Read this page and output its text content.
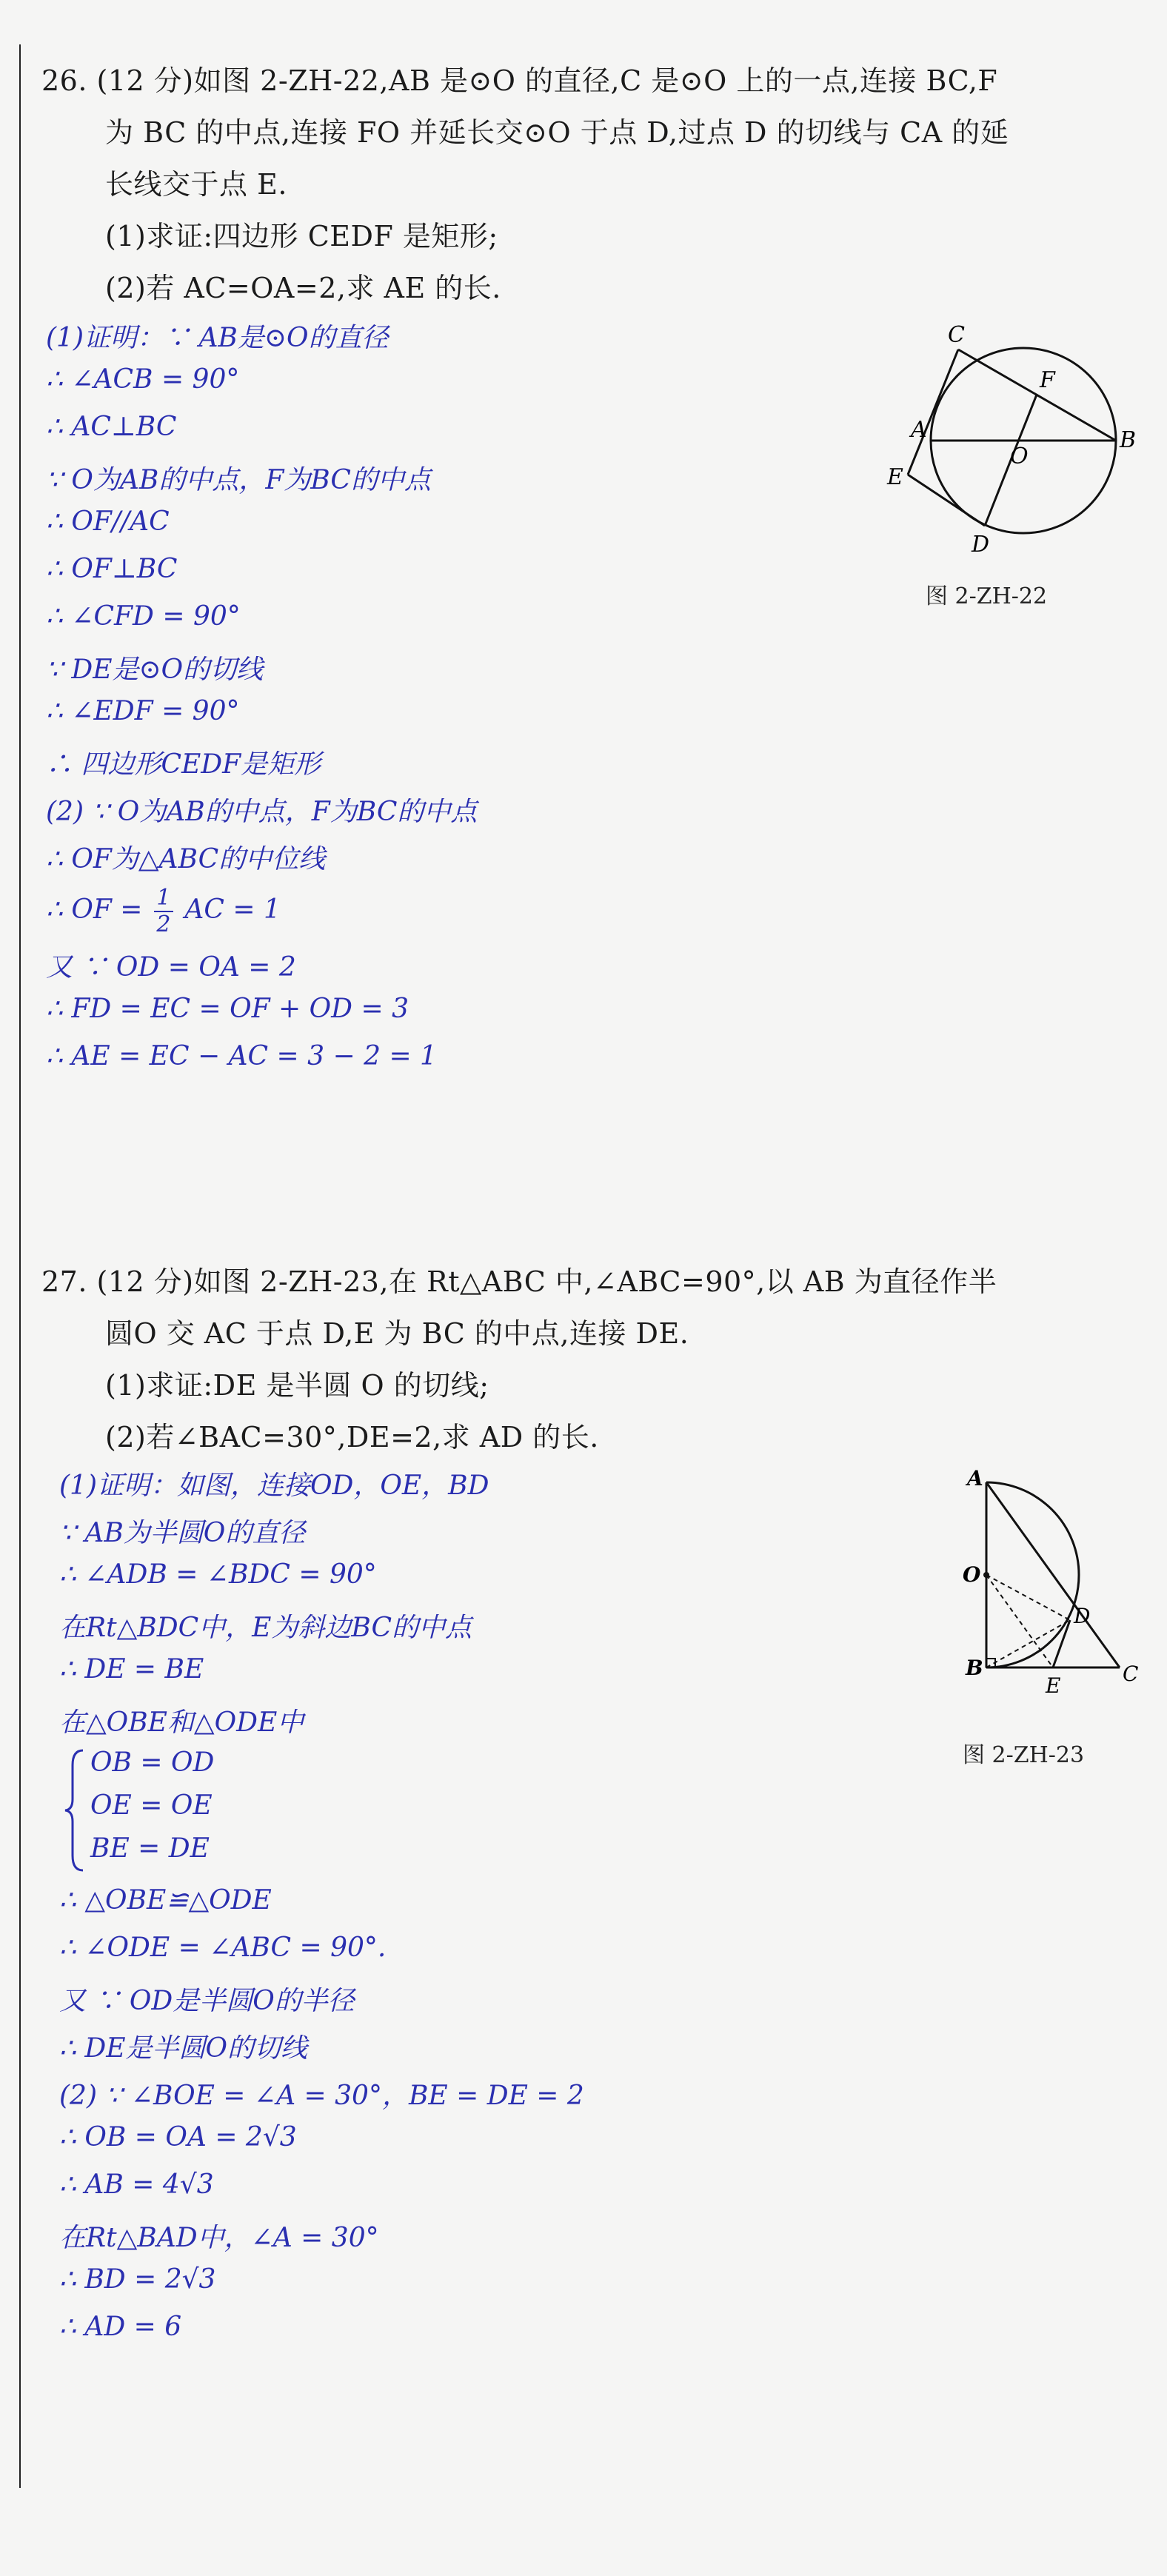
26. (12 分)如图 2-ZH-22,AB 是⊙O 的直径,C 是⊙O 上的一点,连接 BC,F
为 BC 的中点,连接 FO 并延长交⊙O 于点 D,过点 D 的切线与 CA 的延
长线交于点 E.
(1)求证:四边形 CEDF 是矩形;
(2)若 AC=OA=2,求 AE 的长.
(1)证明：∵ AB是⊙O的直径
∴ ∠ACB = 90°
∴ AC⊥BC
∵ O为AB的中点，F为BC的中点
∴ OF//AC
∴ OF⊥BC
∴ ∠CFD = 90°
∵ DE是⊙O的切线
∴ ∠EDF = 90°
∴ 四边形CEDF是矩形
(2) ∵ O为AB的中点，F为BC的中点
∴ OF为△ABC的中位线
∴ OF = $\frac{1}{2}$ AC = 1
又 ∵ OD = OA = 2
∴ FD = EC = OF + OD = 3
∴ AE = EC − AC = 3 − 2 = 1
C
F
A
O
B
E
D
图 2-ZH-22
27. (12 分)如图 2-ZH-23,在 Rt△ABC 中,∠ABC=90°,以 AB 为直径作半
圆O 交 AC 于点 D,E 为 BC 的中点,连接 DE.
(1)求证:DE 是半圆 O 的切线;
(2)若∠BAC=30°,DE=2,求 AD 的长.
(1)证明：如图，连接OD，OE，BD
∵ AB为半圆O的直径
∴ ∠ADB = ∠BDC = 90°
在Rt△BDC中，E为斜边BC的中点
∴ DE = BE
在△OBE和△ODE中
OB = OD
OE = OE
BE = DE
∴ △OBE≌△ODE
∴ ∠ODE = ∠ABC = 90°.
又 ∵ OD是半圆O的半径
∴ DE是半圆O的切线
(2) ∵ ∠BOE = ∠A = 30°，BE = DE = 2
∴ OB = OA = 2√3
∴ AB = 4√3
在Rt△BAD中，∠A = 30°
∴ BD = 2√3
∴ AD = 6
A
O
D
B
E	C
图 2-ZH-23
